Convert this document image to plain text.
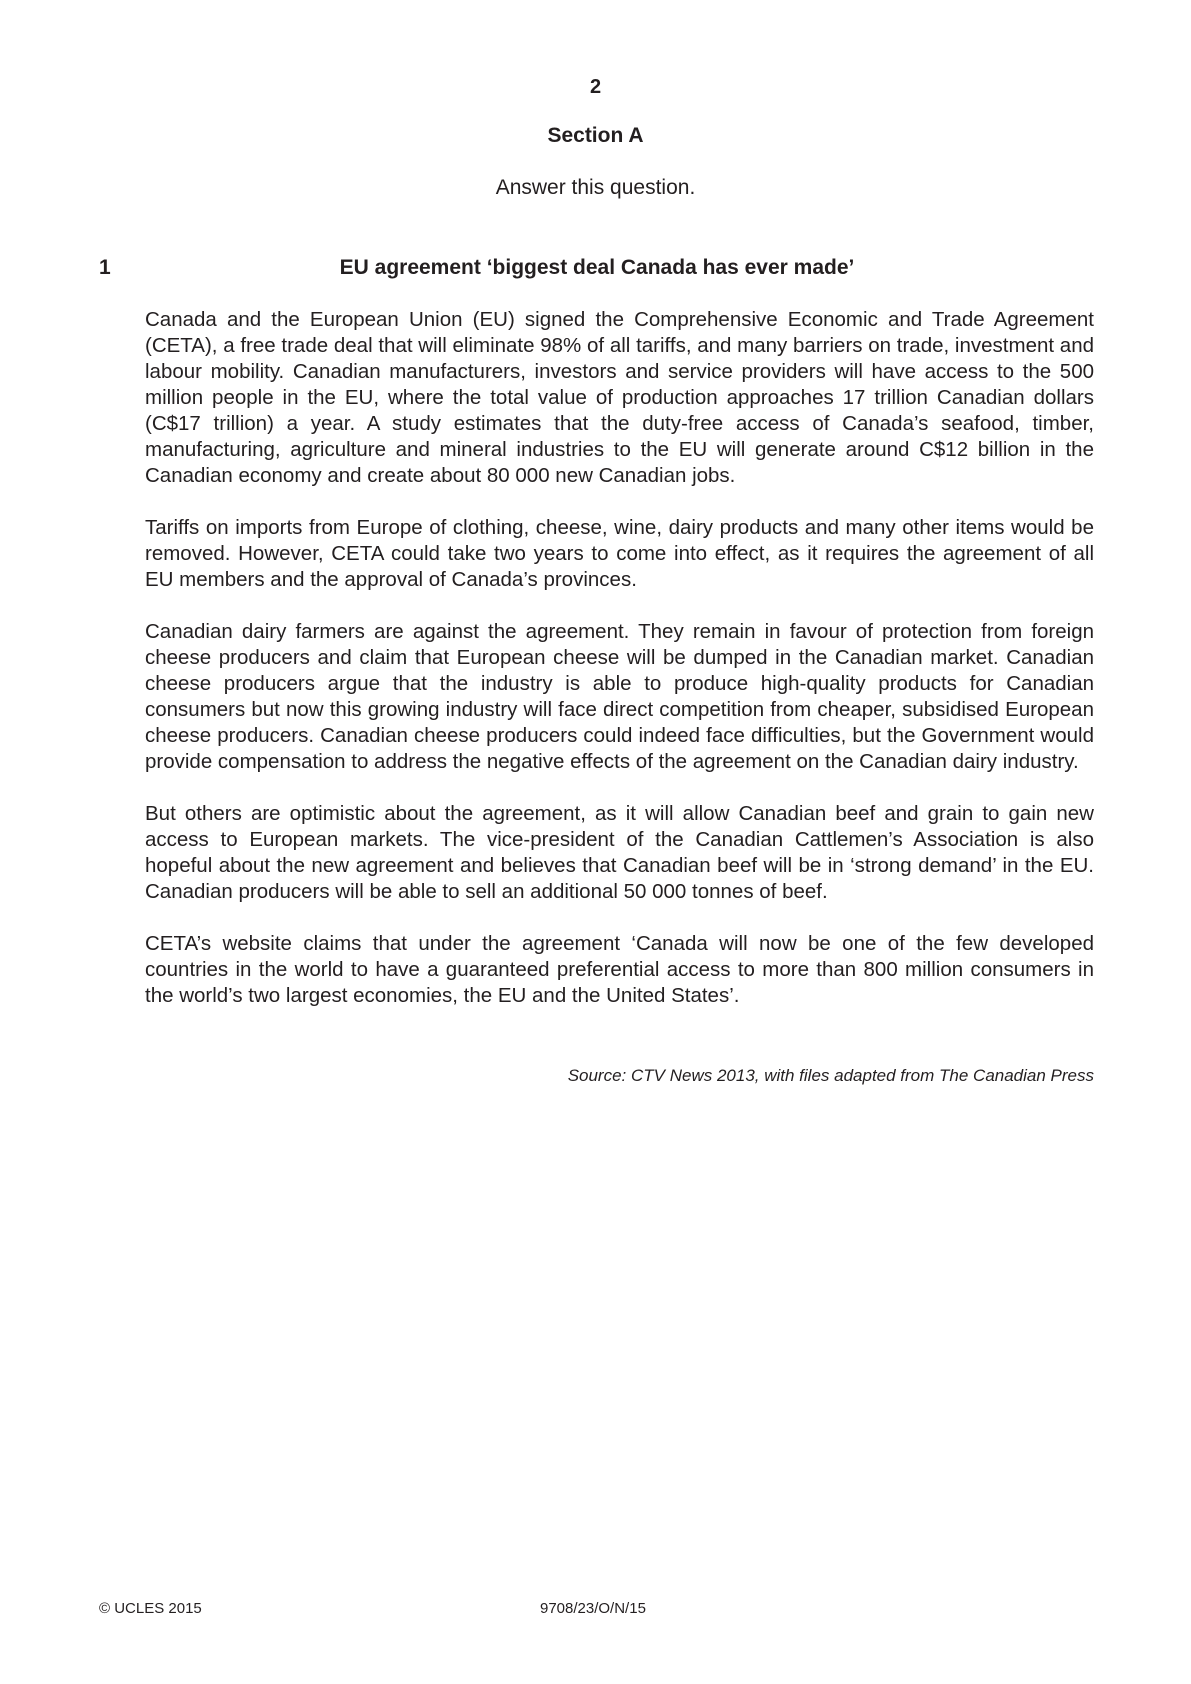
2
Section A
Answer this question.
1	EU agreement ‘biggest deal Canada has ever made’

Canada and the European Union (EU) signed the Comprehensive Economic and Trade Agreement (CETA), a free trade deal that will eliminate 98% of all tariffs, and many barriers on trade, investment and labour mobility. Canadian manufacturers, investors and service providers will have access to the 500 million people in the EU, where the total value of production approaches 17 trillion Canadian dollars (C$17 trillion) a year. A study estimates that the duty-free access of Canada’s seafood, timber, manufacturing, agriculture and mineral industries to the EU will generate around C$12 billion in the Canadian economy and create about 80 000 new Canadian jobs.

Tariffs on imports from Europe of clothing, cheese, wine, dairy products and many other items would be removed. However, CETA could take two years to come into effect, as it requires the agreement of all EU members and the approval of Canada’s provinces.

Canadian dairy farmers are against the agreement. They remain in favour of protection from foreign cheese producers and claim that European cheese will be dumped in the Canadian market. Canadian cheese producers argue that the industry is able to produce high-quality products for Canadian consumers but now this growing industry will face direct competition from cheaper, subsidised European cheese producers. Canadian cheese producers could indeed face difficulties, but the Government would provide compensation to address the negative effects of the agreement on the Canadian dairy industry.

But others are optimistic about the agreement, as it will allow Canadian beef and grain to gain new access to European markets. The vice-president of the Canadian Cattlemen’s Association is also hopeful about the new agreement and believes that Canadian beef will be in ‘strong demand’ in the EU. Canadian producers will be able to sell an additional 50 000 tonnes of beef.

CETA’s website claims that under the agreement ‘Canada will now be one of the few developed countries in the world to have a guaranteed preferential access to more than 800 million consumers in the world’s two largest economies, the EU and the United States’.

Source: CTV News 2013, with files adapted from The Canadian Press
© UCLES 2015	9708/23/O/N/15
